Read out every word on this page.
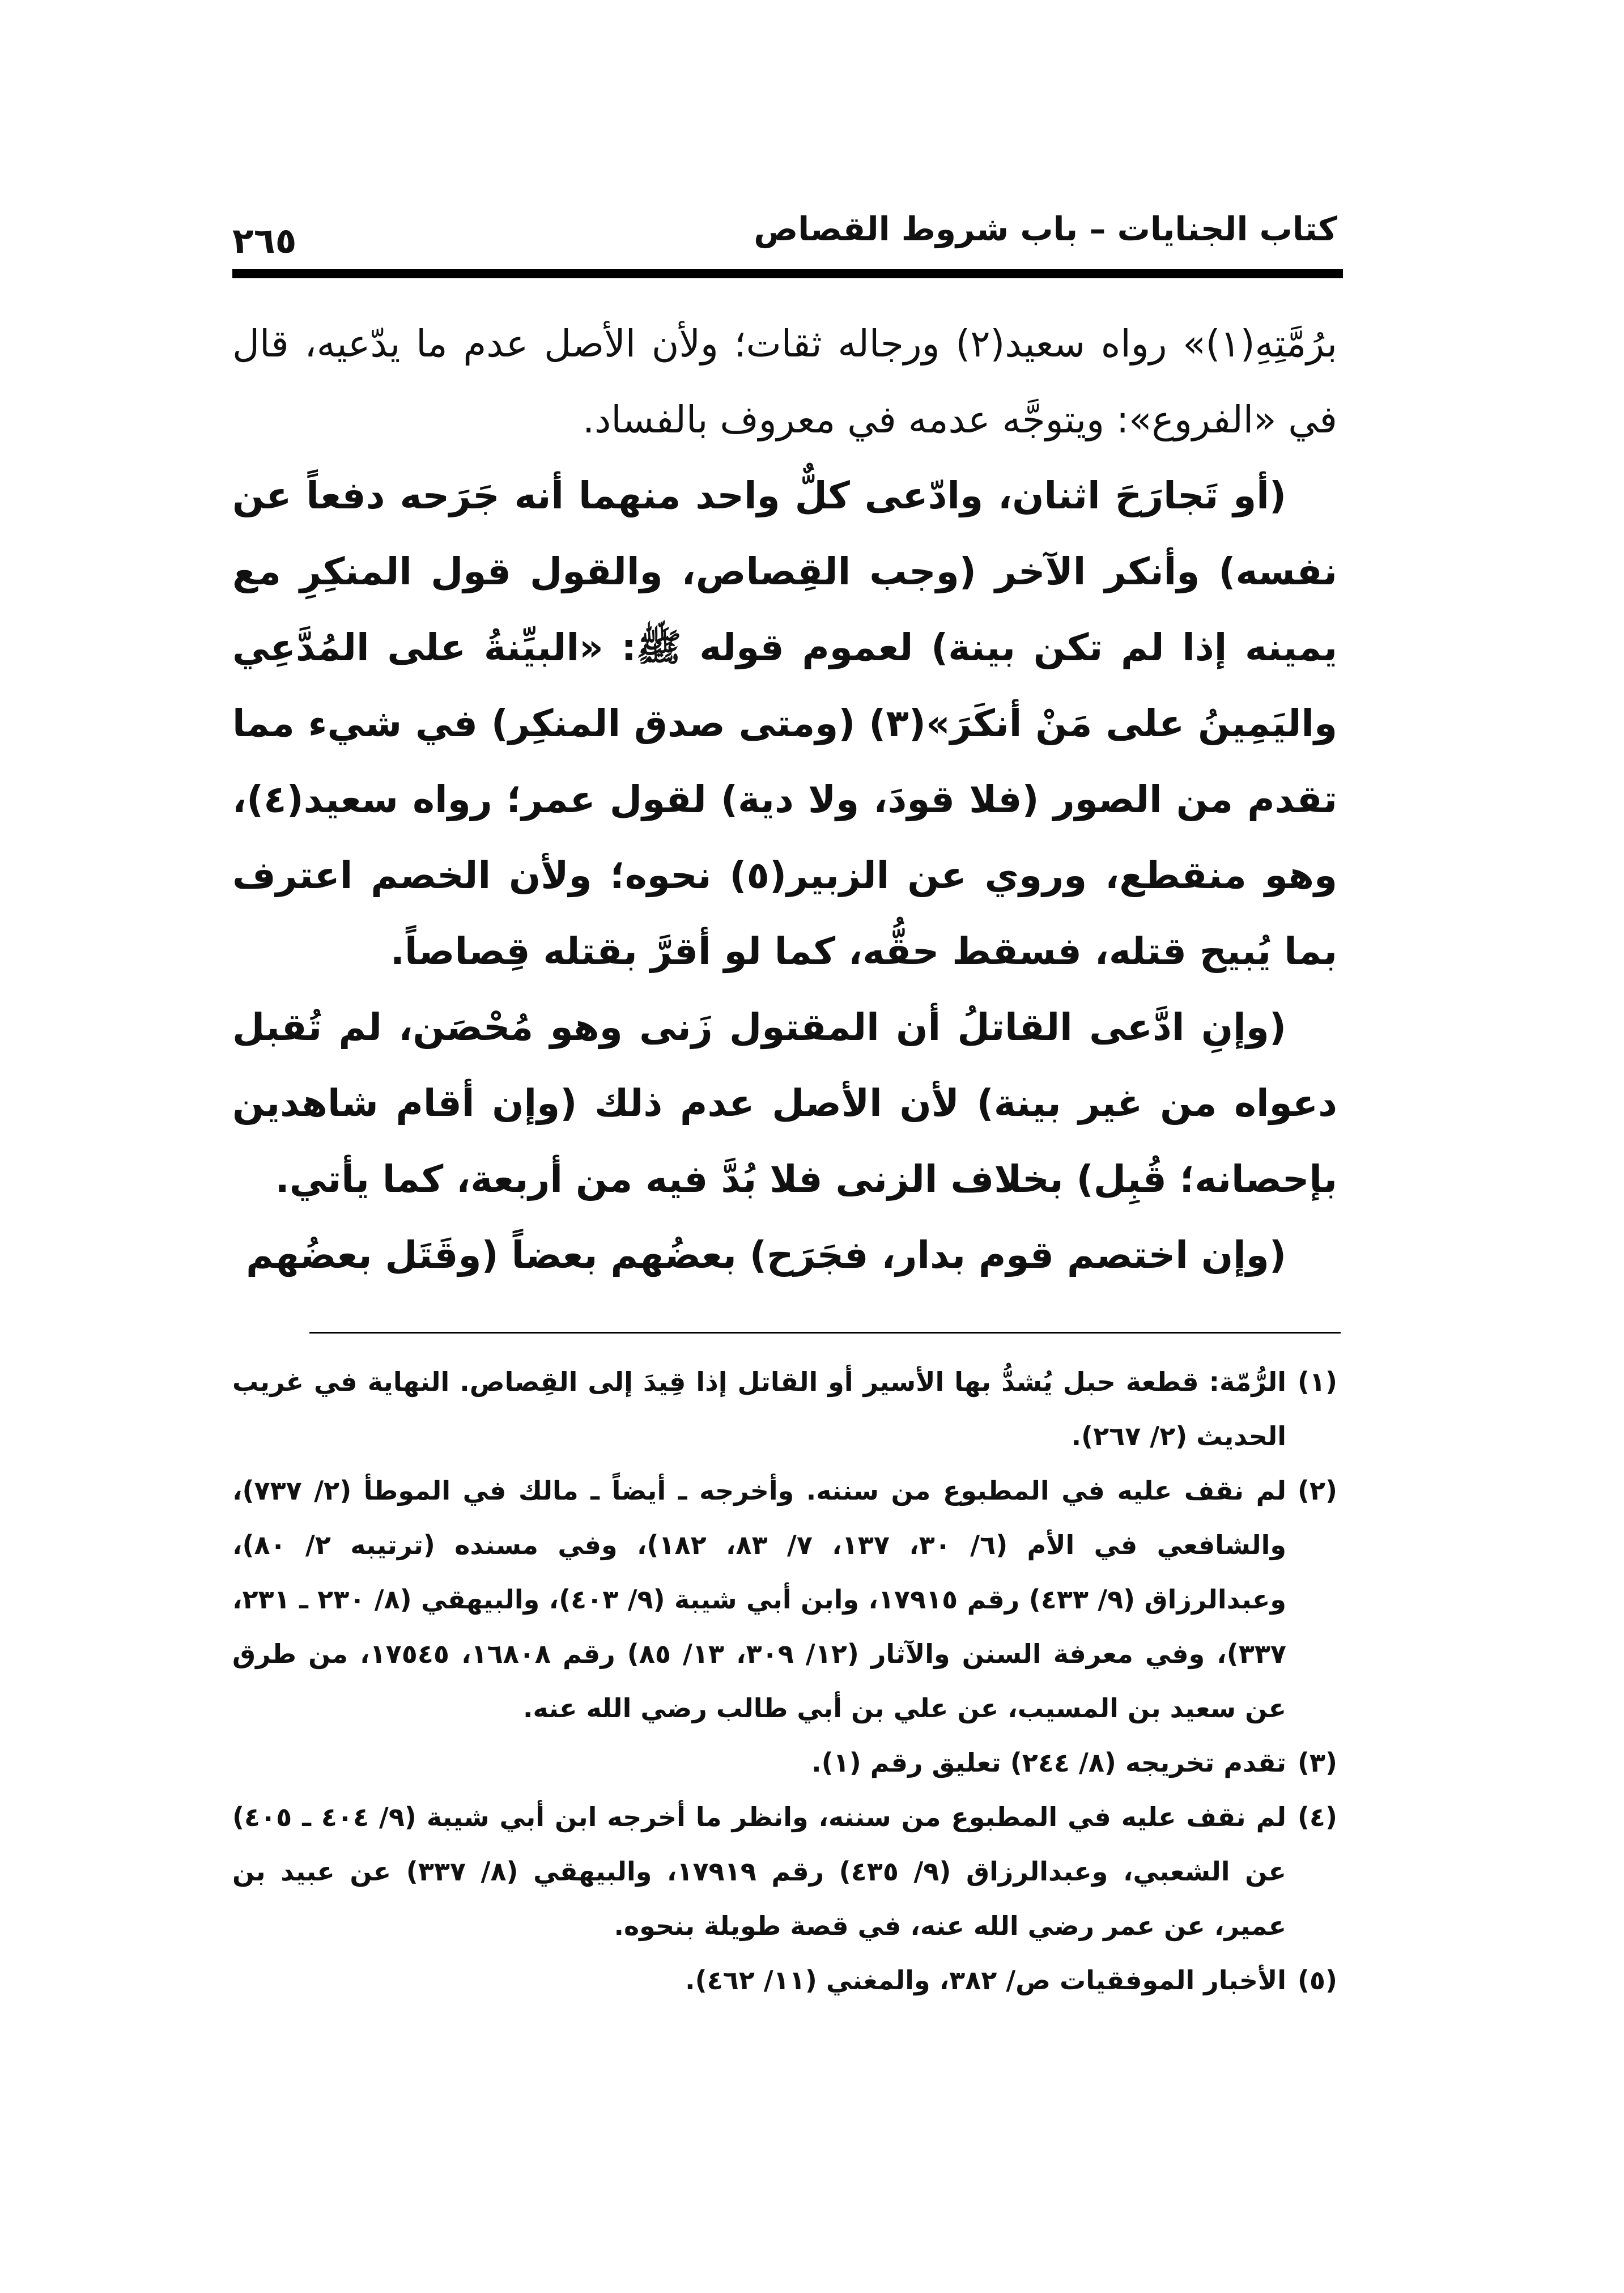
كتاب الجنايات – باب شروط القصاص
٢٦٥

برُمَّتِهِ(١)» رواه سعيد(٢) ورجاله ثقات؛ ولأن الأصل عدم ما يدّعيه، قال في «الفروع»: ويتوجَّه عدمه في معروف بالفساد.

(أو تَجارَحَ اثنان، وادّعى كلٌّ واحد منهما أنه جَرَحه دفعاً عن نفسه) وأنكر الآخر (وجب القِصاص، والقول قول المنكِرِ مع يمينه إذا لم تكن بينة) لعموم قوله ﷺ: «البيِّنةُ على المُدَّعِي واليَمِينُ على مَنْ أنكَرَ»(٣) (ومتى صدق المنكِر) في شيء مما تقدم من الصور (فلا قودَ، ولا دية) لقول عمر؛ رواه سعيد(٤)، وهو منقطع، وروي عن الزبير(٥) نحوه؛ ولأن الخصم اعترف بما يُبيح قتله، فسقط حقُّه، كما لو أقرَّ بقتله قِصاصاً.

(وإنِ ادَّعى القاتلُ أن المقتول زَنى وهو مُحْصَن، لم تُقبل دعواه من غير بينة) لأن الأصل عدم ذلك (وإن أقام شاهدين بإحصانه؛ قُبِل) بخلاف الزنى فلا بُدَّ فيه من أربعة، كما يأتي.

(وإن اختصم قوم بدار، فجَرَح) بعضُهم بعضاً (وقَتَل بعضُهم

(١)
الرُّمّة: قطعة حبل يُشدُّ بها الأسير أو القاتل إذا قِيدَ إلى القِصاص. النهاية في غريب الحديث (٢/ ٢٦٧).
(٢)
لم نقف عليه في المطبوع من سننه. وأخرجه ـ أيضاً ـ مالك في الموطأ (٢/ ٧٣٧)، والشافعي في الأم (٦/ ٣٠، ١٣٧، ٧/ ٨٣، ١٨٢)، وفي مسنده (ترتيبه ٢/ ٨٠)، وعبدالرزاق (٩/ ٤٣٣) رقم ١٧٩١٥، وابن أبي شيبة (٩/ ٤٠٣)، والبيهقي (٨/ ٢٣٠ ـ ٢٣١، ٣٣٧)، وفي معرفة السنن والآثار (١٢/ ٣٠٩، ١٣/ ٨٥) رقم ١٦٨٠٨، ١٧٥٤٥، من طرق عن سعيد بن المسيب، عن علي بن أبي طالب رضي الله عنه.
(٣)
تقدم تخريجه (٨/ ٢٤٤) تعليق رقم (١).
(٤)
لم نقف عليه في المطبوع من سننه، وانظر ما أخرجه ابن أبي شيبة (٩/ ٤٠٤ ـ ٤٠٥) عن الشعبي، وعبدالرزاق (٩/ ٤٣٥) رقم ١٧٩١٩، والبيهقي (٨/ ٣٣٧) عن عبيد بن عمير، عن عمر رضي الله عنه، في قصة طويلة بنحوه.
(٥)
الأخبار الموفقيات ص/ ٣٨٢، والمغني (١١/ ٤٦٢).
